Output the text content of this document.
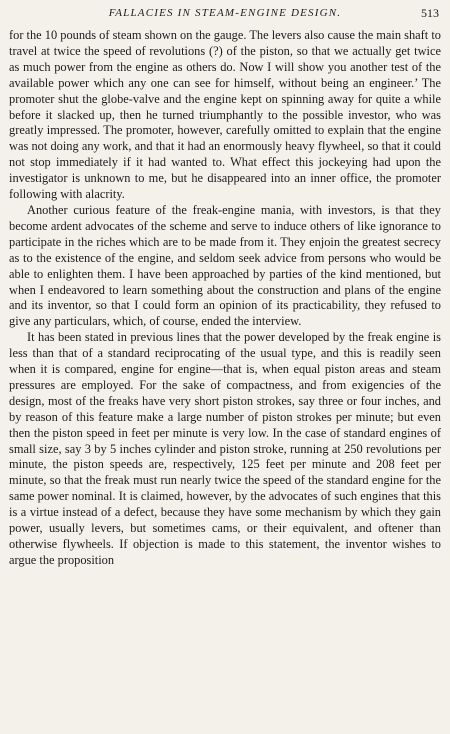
FALLACIES IN STEAM-ENGINE DESIGN.	513

for the 10 pounds of steam shown on the gauge. The levers also cause the main shaft to travel at twice the speed of revolutions (?) of the piston, so that we actually get twice as much power from the engine as others do. Now I will show you another test of the available power which any one can see for himself, without being an engineer.’ The promoter shut the globe-valve and the engine kept on spinning away for quite a while before it slacked up, then he turned triumphantly to the possible investor, who was greatly impressed. The promoter, however, carefully omitted to explain that the engine was not doing any work, and that it had an enormously heavy flywheel, so that it could not stop immediately if it had wanted to. What effect this jockeying had upon the investigator is unknown to me, but he disappeared into an inner office, the promoter following with alacrity.

Another curious feature of the freak-engine mania, with investors, is that they become ardent advocates of the scheme and serve to induce others of like ignorance to participate in the riches which are to be made from it. They enjoin the greatest secrecy as to the existence of the engine, and seldom seek advice from persons who would be able to enlighten them. I have been approached by parties of the kind mentioned, but when I endeavored to learn something about the construction and plans of the engine and its inventor, so that I could form an opinion of its practicability, they refused to give any particulars, which, of course, ended the interview.

It has been stated in previous lines that the power developed by the freak engine is less than that of a standard reciprocating of the usual type, and this is readily seen when it is compared, engine for engine—that is, when equal piston areas and steam pressures are employed. For the sake of compactness, and from exigencies of the design, most of the freaks have very short piston strokes, say three or four inches, and by reason of this feature make a large number of piston strokes per minute; but even then the piston speed in feet per minute is very low. In the case of standard engines of small size, say 3 by 5 inches cylinder and piston stroke, running at 250 revolutions per minute, the piston speeds are, respectively, 125 feet per minute and 208 feet per minute, so that the freak must run nearly twice the speed of the standard engine for the same power nominal. It is claimed, however, by the advocates of such engines that this is a virtue instead of a defect, because they have some mechanism by which they gain power, usually levers, but sometimes cams, or their equivalent, and oftener than otherwise flywheels. If objection is made to this statement, the inventor wishes to argue the proposition
